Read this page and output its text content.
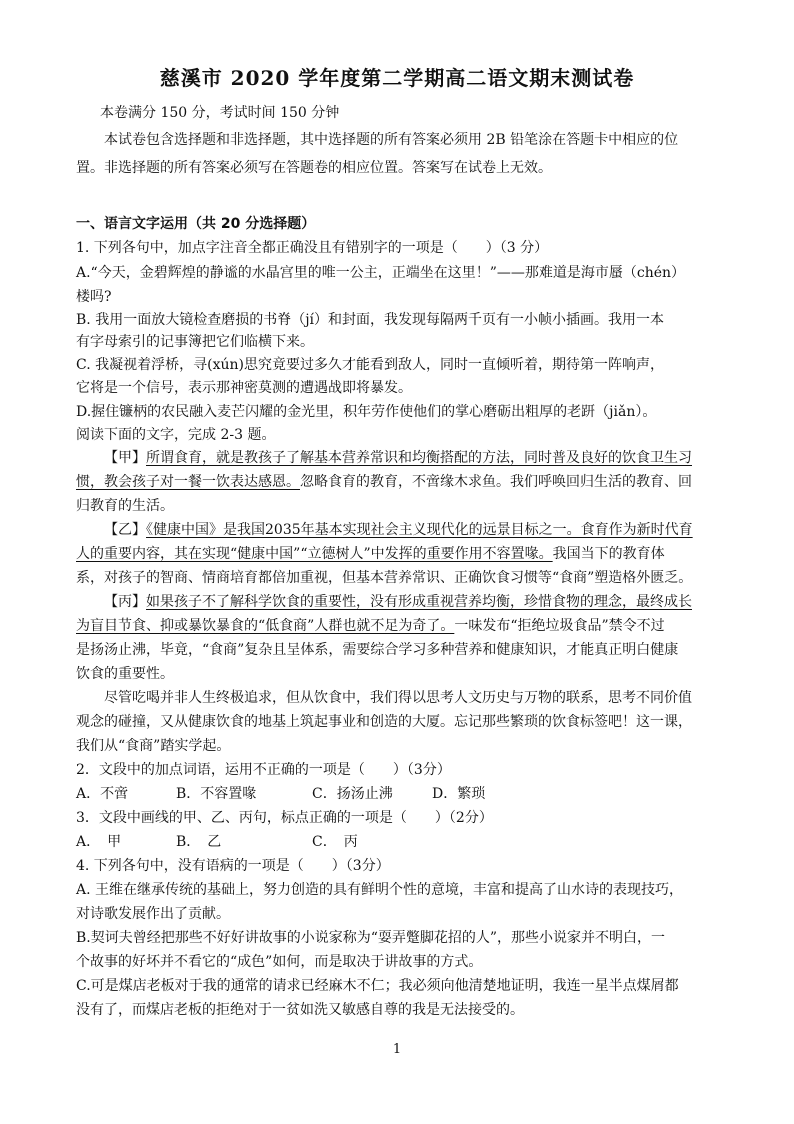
慈溪市 2020 学年度第二学期高二语文期末测试卷
本卷满分 150 分，考试时间 150 分钟
本试卷包含选择题和非选择题，其中选择题的所有答案必须用 2B 铅笔涂在答题卡中相应的位
置。非选择题的所有答案必须写在答题卷的相应位置。答案写在试卷上无效。
一、语言文字运用（共 20 分选择题）
1. 下列各句中，加点字注音全都正确没且有错别字的一项是（　　）（3 分）
A.“今天，金碧辉煌的静谧的水晶宫里的唯一公主，正端坐在这里！”——那难道是海市蜃（chén）
楼吗?
B. 我用一面放大镜检查磨损的书脊（jí）和封面，我发现每隔两千页有一小帧小插画。我用一本
有字母索引的记事簿把它们临横下来。
C. 我凝视着浮桥，寻(xún)思究竟要过多久才能看到敌人，同时一直倾听着，期待第一阵响声，
它将是一个信号，表示那神密莫测的遭遇战即将暴发。
D.握住镰柄的农民融入麦芒闪耀的金光里，积年劳作使他们的掌心磨砺出粗厚的老趼（jiǎn）。
阅读下面的文字，完成 2-3 题。
【甲】所谓食育，就是教孩子了解基本营养常识和均衡搭配的方法，同时普及良好的饮食卫生习
惯，教会孩子对一餐一饮表达感恩。忽略食育的教育，不啻缘木求鱼。我们呼唤回归生活的教育、回
归教育的生活。
【乙】《健康中国》是我国2035年基本实现社会主义现代化的远景目标之一。食育作为新时代育
人的重要内容，其在实现“健康中国”“立德树人”中发挥的重要作用不容置喙。我国当下的教育体
系，对孩子的智商、情商培育都倍加重视，但基本营养常识、正确饮食习惯等“食商”塑造格外匮乏。
【丙】如果孩子不了解科学饮食的重要性，没有形成重视营养均衡，珍惜食物的理念，最终成长
为盲目节食、抑或暴饮暴食的“低食商”人群也就不足为奇了。一味发布“拒绝垃圾食品”禁令不过
是扬汤止沸，毕竟，“食商”复杂且呈体系，需要综合学习多种营养和健康知识，才能真正明白健康
饮食的重要性。
尽管吃喝并非人生终极追求，但从饮食中，我们得以思考人文历史与万物的联系，思考不同价值
观念的碰撞，又从健康饮食的地基上筑起事业和创造的大厦。忘记那些繁琐的饮食标签吧！这一课，
我们从“食商”踏实学起。
2．文段中的加点词语，运用不正确的一项是（　　）（3分）
A．不啻	B．不容置喙	C．扬汤止沸	D．繁琐
3．文段中画线的甲、乙、丙句，标点正确的一项是（　　）（2分）
A．　甲	B．　乙	C．　丙
4. 下列各句中，没有语病的一项是（　　）（3分）
A. 王维在继承传统的基础上，努力创造的具有鲜明个性的意境，丰富和提高了山水诗的表现技巧，
对诗歌发展作出了贡献。
B.契诃夫曾经把那些不好好讲故事的小说家称为“耍弄蹩脚花招的人”，那些小说家并不明白，一
个故事的好坏并不看它的“成色”如何，而是取决于讲故事的方式。
C.可是煤店老板对于我的通常的请求已经麻木不仁；我必须向他清楚地证明，我连一星半点煤屑都
没有了，而煤店老板的拒绝对于一贫如洗又敏感自尊的我是无法接受的。
1
